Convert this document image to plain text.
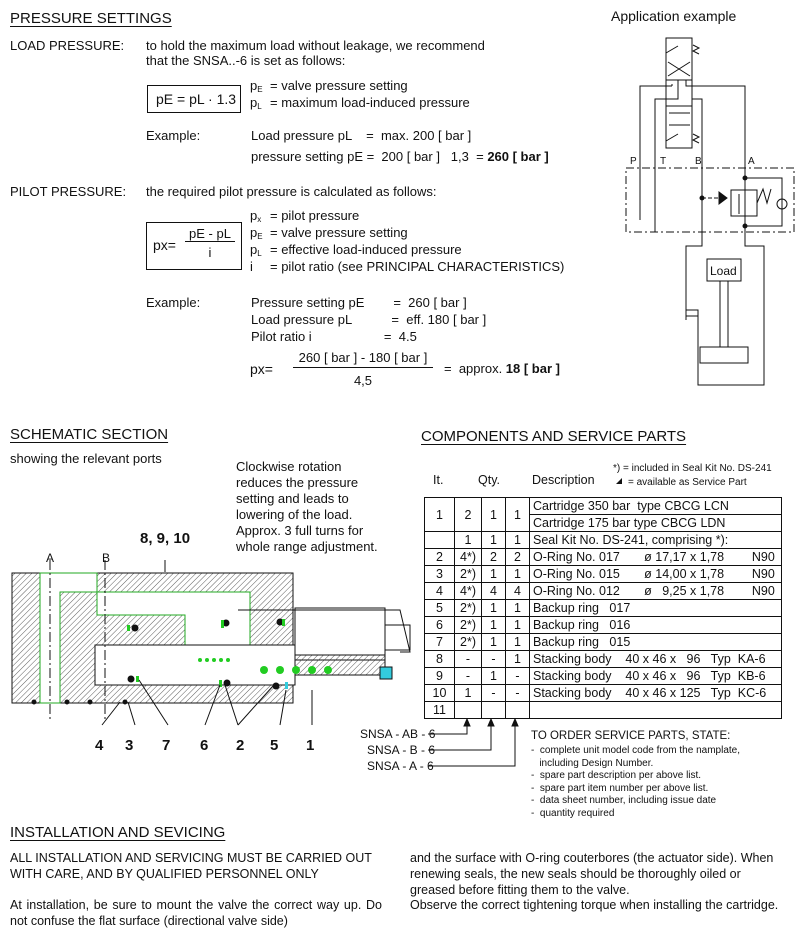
PRESSURE SETTINGS
LOAD PRESSURE: to hold the maximum load without leakage, we recommend
that the SNSA..-6 is set as follows:
pE = pL · 1.3
$p_E$ = valve pressure setting
$p_L$ = maximum load-induced pressure
Example:	Load pressure pL    =  max. 200 [ bar ]
pressure setting pE =  200 [ bar ]   1,3  = 260 [ bar ]
PILOT PRESSURE: the required pilot pressure is calculated as follows:
px=
pE - pL
i
$p_x$ = pilot pressure
$p_E$ = valve pressure setting
$p_L$ = effective load-induced pressure
i = pilot ratio (see PRINCIPAL CHARACTERISTICS)
Example:	Pressure setting pE        =  260 [ bar ]
Load pressure pL           =  eff. 180 [ bar ]
Pilot ratio i                    =  4.5
px=
260 [ bar ] - 180 [ bar ]
4,5
=  approx. 18 [ bar ]
Application example
Load
P T	B	A
SCHEMATIC SECTION
showing the relevant ports
Clockwise rotation
reduces the pressure
setting and leads to
lowering of the load.
Approx. 3 full turns for
whole range adjustment.
8, 9, 10
A	B
4 3 7 6 2 5 1
COMPONENTS AND SERVICE PARTS
It.	Qty.	Description
*) = included in Seal Kit No. DS-241
= available as Service Part
1	2	1	1	Cartridge 350 bar  type CBCG LCN
				Cartridge 175 bar type CBCG LDN
	1	1	1	Seal Kit No. DS-241, comprising *):
2	4*)	2	2	O-Ring No. 017       ø 17,17 x 1,78        N90
3	2*)	1	1	O-Ring No. 015       ø 14,00 x 1,78        N90
4	4*)	4	4	O-Ring No. 012       ø   9,25 x 1,78        N90
5	2*)	1	1	Backup ring   017
6	2*)	1	1	Backup ring   016
7	2*)	1	1	Backup ring   015
8	-	-	1	Stacking body    40 x 46 x   96   Typ  KA-6
9	-	1	-	Stacking body    40 x 46 x   96   Typ  KB-6
10	1	-	-	Stacking body    40 x 46 x 125   Typ  KC-6
11				
SNSA - AB - 6
SNSA - B - 6
SNSA - A - 6
TO ORDER SERVICE PARTS, STATE:
-  complete unit model code from the namplate,
including Design Number.
-  spare part description per above list.
-  spare part item number per above list.
-  data sheet number, including issue date
-  quantity required
INSTALLATION AND SEVICING
ALL INSTALLATION AND SERVICING MUST BE CARRIED OUT WITH CARE, AND BY QUALIFIED PERSONNEL ONLY
At installation, be sure to mount the valve the correct way up. Do not confuse the flat surface (directional valve side)
and the surface with O-ring couterbores (the actuator side). When renewing seals, the new seals should be thoroughly oiled or greased before fitting them to the valve.
Observe the correct tightening torque when installing the cartridge.
